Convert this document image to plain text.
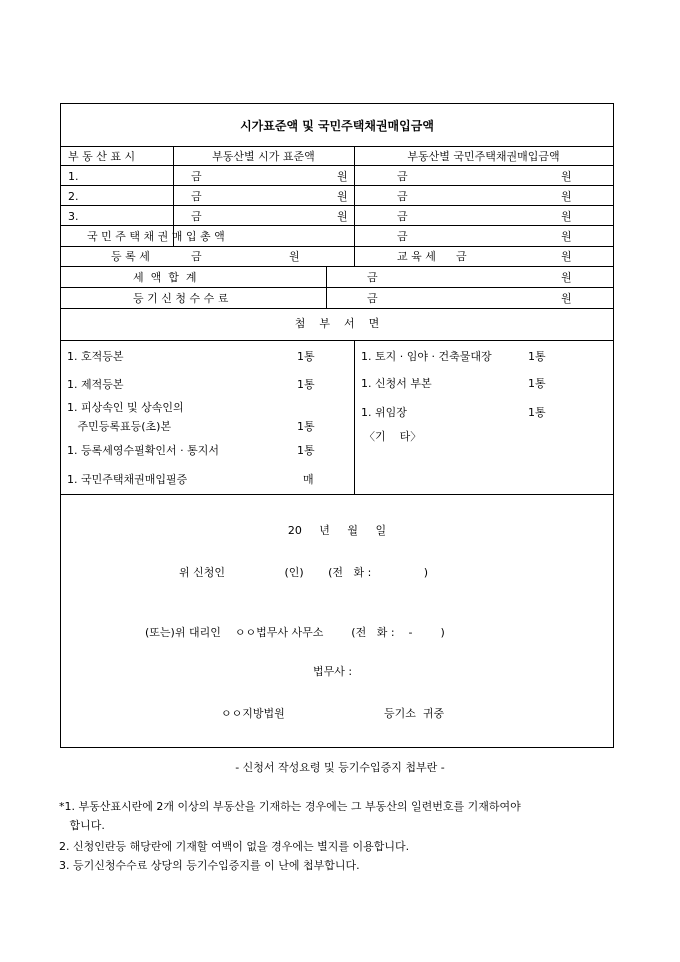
시가표준액 및 국민주택채권매입금액
부 동 산 표 시	부동산별 시가 표준액	부동산별 국민주택채권매입금액
1.	금	원	금	원
2.	금	원	금	원
3.	금	원	금	원
국 민 주 택 채 권 매 입 총 액	금	원
등 록 세	금	원	교 육 세 금	원
세  액  합  계	금	원
등 기 신 청 수 수 료	금	원
첨    부    서    면
1. 호적등본	1통
1. 제적등본	1통
1. 피상속인 및 상속인의
주민등록표등(초)본	1통
1. 등록세영수필확인서 · 통지서	1통
1. 국민주택채권매입필증	매
1. 토지 · 임야 · 건축물대장	1통
1. 신청서 부본	1통
1. 위임장	1통
〈기    타〉
20     년     월     일
위 신청인                 (인)       (전   화 :               )
(또는)위 대리인    ㅇㅇ법무사 사무소        (전   화 :    -        )
법무사 :
ㅇㅇ지방법원	등기소  귀중
- 신청서 작성요령 및 등기수입증지 첩부란 -
*1. 부동산표시란에 2개 이상의 부동산을 기재하는 경우에는 그 부동산의 일련번호를 기재하여야
합니다.
2. 신청인란등 해당란에 기재할 여백이 없을 경우에는 별지를 이용합니다.
3. 등기신청수수료 상당의 등기수입증지를 이 난에 첩부합니다.
